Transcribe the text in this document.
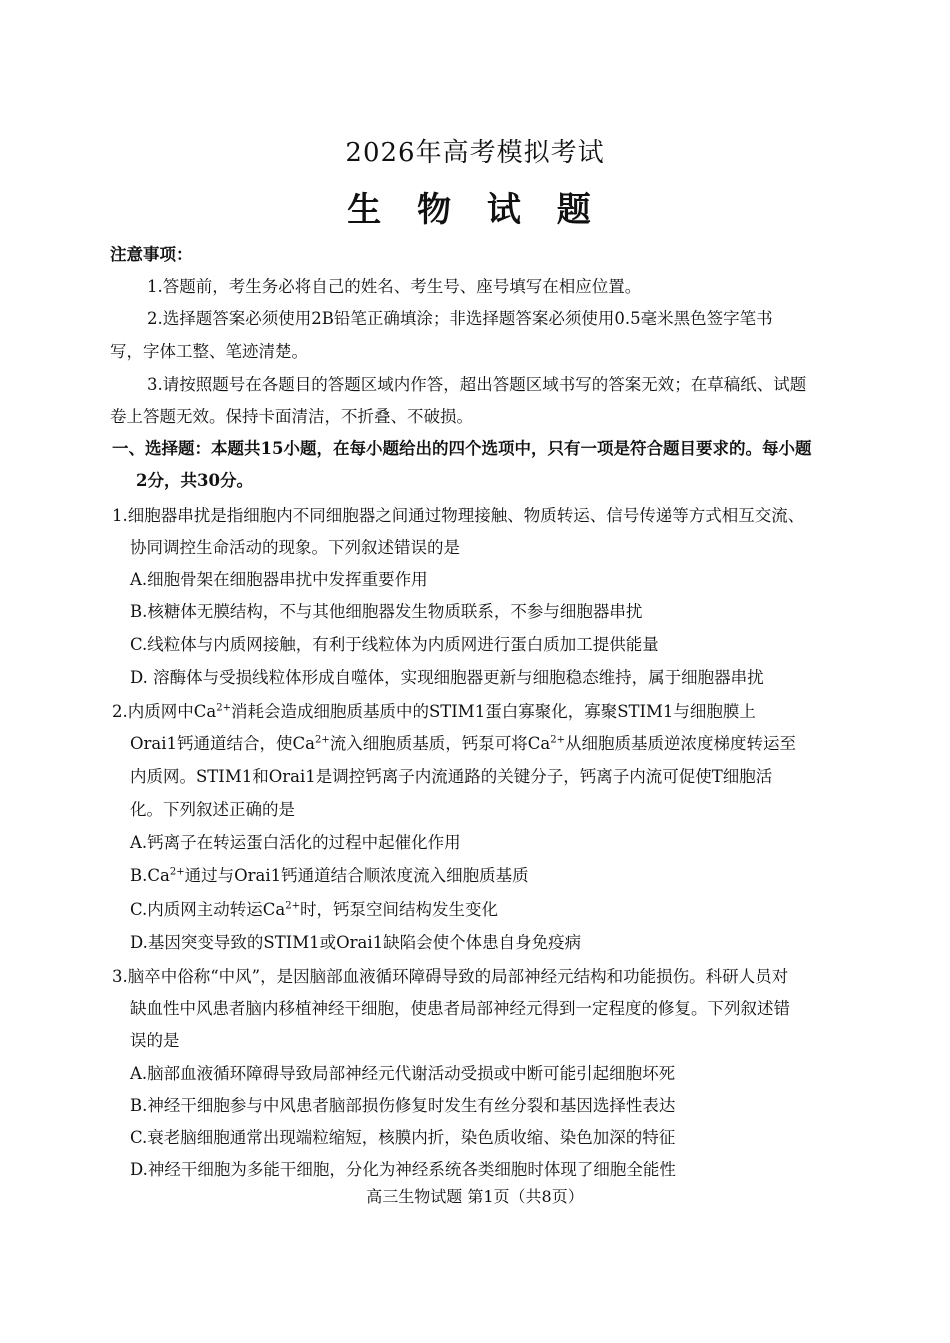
2026年高考模拟考试
生 物 试 题
注意事项：
1.答题前，考生务必将自己的姓名、考生号、座号填写在相应位置。
2.选择题答案必须使用2B铅笔正确填涂；非选择题答案必须使用0.5毫米黑色签字笔书
写，字体工整、笔迹清楚。
3.请按照题号在各题目的答题区域内作答，超出答题区域书写的答案无效；在草稿纸、试题
卷上答题无效。保持卡面清洁，不折叠、不破损。
一、选择题：本题共15小题，在每小题给出的四个选项中，只有一项是符合题目要求的。每小题
2分，共30分。
1.细胞器串扰是指细胞内不同细胞器之间通过物理接触、物质转运、信号传递等方式相互交流、
协同调控生命活动的现象。下列叙述错误的是
A.细胞骨架在细胞器串扰中发挥重要作用
B.核糖体无膜结构，不与其他细胞器发生物质联系，不参与细胞器串扰
C.线粒体与内质网接触，有利于线粒体为内质网进行蛋白质加工提供能量
D. 溶酶体与受损线粒体形成自噬体，实现细胞器更新与细胞稳态维持，属于细胞器串扰
2.内质网中$Ca^{2+}$消耗会造成细胞质基质中的STIM1蛋白寡聚化，寡聚STIM1与细胞膜上
Orai1钙通道结合，使$Ca^{2+}$流入细胞质基质，钙泵可将$Ca^{2+}$从细胞质基质逆浓度梯度转运至
内质网。STIM1和Orai1是调控钙离子内流通路的关键分子，钙离子内流可促使T细胞活
化。下列叙述正确的是
A.钙离子在转运蛋白活化的过程中起催化作用
$B.Ca^{2+}$通过与Orai1钙通道结合顺浓度流入细胞质基质
C.内质网主动转运$Ca^{2+}$时，钙泵空间结构发生变化
D.基因突变导致的STIM1或Orai1缺陷会使个体患自身免疫病
3.脑卒中俗称“中风”，是因脑部血液循环障碍导致的局部神经元结构和功能损伤。科研人员对
缺血性中风患者脑内移植神经干细胞，使患者局部神经元得到一定程度的修复。下列叙述错
误的是
A.脑部血液循环障碍导致局部神经元代谢活动受损或中断可能引起细胞坏死
B.神经干细胞参与中风患者脑部损伤修复时发生有丝分裂和基因选择性表达
C.衰老脑细胞通常出现端粒缩短，核膜内折，染色质收缩、染色加深的特征
D.神经干细胞为多能干细胞，分化为神经系统各类细胞时体现了细胞全能性
高三生物试题 第1页（共8页）
